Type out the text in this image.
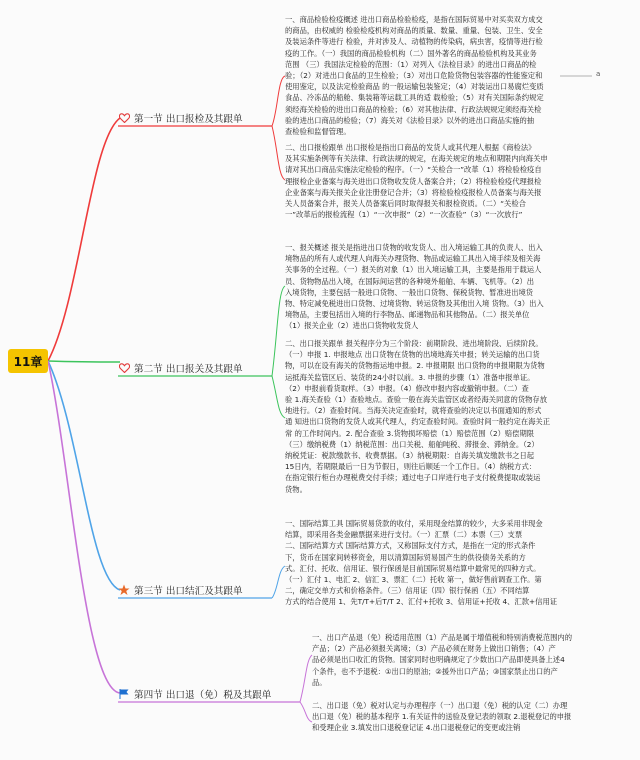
11章
第一节 出口报检及其跟单
第二节 出口报关及其跟单
第三节 出口结汇及其跟单
第四节 出口退（免）税及其跟单
一、商品检验检疫概述 进出口商品检验检疫，是指在国际贸易中对买卖双方成交
的商品，由权威的 检验检疫机构对商品的质量、数量、重量、包装、卫生、安全
及装运条件等进行 检验，并对涉及人、动植物的传染病，病虫害，疫情等进行检
疫的工作。（一）我国的商品检验机构（二）国外著名的商品检验机构及其业务
范围 （三）我国法定检验的范围：（1）对列入《法检目录》的进出口商品的检
验；（2）对进出口食品的卫生检验；（3）对出口危险货物包装容器的性能鉴定和
使用鉴定，以及法定检验商品 的一般运输包装鉴定；（4）对装运出口易腐烂变质
食品、冷冻品的船舱、集装箱等运载工具的适 载检验；（5）对有关国际条约规定
须经海关检验的进出口商品的检验；（6）对其他法律、行政法规规定须经海关检
验的进出口商品的检验；（7）海关对《法检目录》以外的进出口商品实施的抽
查检验和监督管理。
二、出口报检跟单 出口报检是指出口商品的发货人或其代理人根据《商检法》
及其实施条例等有关法律、行政法规的规定，在海关规定的地点和期限内向海关申
请对其出口商品实施法定检验的程序。（一）“关检合一”改革（1）将检验检疫自
理报检企业备案与海关进出口货物收发货人备案合并；（2）将检验检疫代理报检
企业备案与海关报关企业注册登记合并；（3）将检验检疫报检人员备案与海关报
关人员备案合并，报关人员备案后同时取得报关和报检资质。（二）“关检合
一”改革后的报检流程（1）“一次申报”（2）“一次查验”（3）“一次放行”
一、报关概述 报关是指进出口货物的收发货人、出入境运输工具的负责人、出入
境物品的所有人或代理人向海关办理货物、物品或运输工具出入境手续及相关海
关事务的全过程。（一）报关的对象（1）出入境运输工具，主要是指用于载运人
员、货物物品出入境，在国际间运营的各种境外船舶、车辆、飞机等。（2）出
入境货物，主要包括一般进口货物、一般出口货物、保税货物、暂准进出境货
物、特定减免税进出口货物、过境货物、转运货物及其他出入境 货物。（3）出入
境物品，主要包括出入境的行李物品、邮递物品和其他物品。（二）报关单位
（1）报关企业（2）进出口货物收发货人
二、出口报关跟单 报关程序分为三个阶段：前期阶段、进出境阶段、后续阶段。
（一）申报 1. 申报地点 出口货物在货物的出境地海关申报；转关运输的出口货
物，可以在设有海关的货物指运地申报。2. 申报期限 出口货物的申报期限为货物
运抵海关监管区后、装货的24小时以前。3. 申报的步骤（1）准备申报单证。
（2）申报前看货取样。（3）申报。（4）修改申报内容或撤销申报。（二）查
验 1.海关查验（1）查验地点。查验一般在海关监管区或者经海关同意的货物存放
地进行。（2）查验时间。当海关决定查验时，就将查验的决定以书面通知的形式
通 知进出口货物的发货人或其代理人，约定查验时间。查验时间一般约定在海关正
常 的工作时间内。2. 配合查验 3.货物损坏赔偿（1）赔偿范围（2）赔偿期限
（三）缴纳税费（1）纳税范围：出口关税、船舶吨税、滞报金、滞纳金。（2）
纳税凭证：税款缴款书、收费票据。（3）纳税期限：自海关填发缴款书之日起
15日内，若期限最后一日为节假日，则往后顺延一个工作日。（4）纳税方式：
在指定银行柜台办理税费交付手续；通过电子口岸进行电子支付税费提取或装运
货物。
一、国际结算工具 国际贸易货款的收付，采用现金结算的较少，大多采用非现金
结算，即采用各类金融票据来进行支付。（一）汇票（二）本票（三）支票
二、国际结算方式 国际结算方式，又称国际支付方式，是指在一定的形式条件
下，货币在国家间转移资金，用以清算国际贸易国产生的供役债务关系的方
式。汇付、托收、信用证、银行保函是目前国际贸易结算中最常见的四种方式。
（一）汇付 1、电汇 2、信汇 3、票汇（二）托收 第一，做好售前调查工作。第
二，确定交单方式和价格条件。（三）信用证（四）银行保函（五）不同结算
方式的结合使用 1、先T/T+后T/T 2、汇付+托收 3、信用证+托收 4、汇款+信用证
一、出口产品退（免）税适用范围（1）产品是属于增值税和特别消费税范围内的
产品；（2）产品必须报关离境；（3）产品必须在财务上做出口销售；（4）产
品必须是出口收汇的货物。国家同时也明确规定了少数出口产品即使具备上述4
个条件，也不予退税：①出口的原油；②援外出口产品；③国家禁止出口的产
品。
二、出口退（免）税对认定与办理程序（一）出口退（免）税的认定（二）办理
出口退（免）税的基本程序 1.有关证件的送验及登记表的领取 2.退税登记的申报
和受理企业 3.填发出口退税登记证 4.出口退税登记的变更或注销
a
